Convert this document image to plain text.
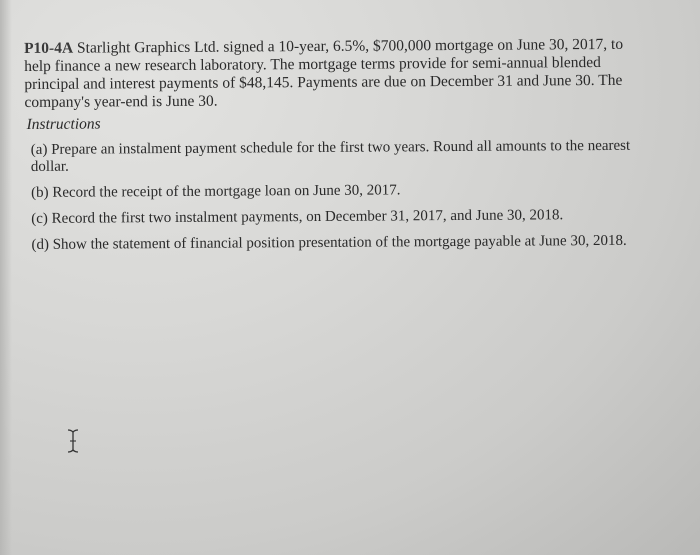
P10-4A Starlight Graphics Ltd. signed a 10-year, 6.5%, $700,000 mortgage on June 30, 2017, to help finance a new research laboratory. The mortgage terms provide for semi-annual blended principal and interest payments of $48,145. Payments are due on December 31 and June 30. The company's year-end is June 30.

Instructions

(a) Prepare an instalment payment schedule for the first two years. Round all amounts to the nearest dollar.

(b) Record the receipt of the mortgage loan on June 30, 2017.

(c) Record the first two instalment payments, on December 31, 2017, and June 30, 2018.

(d) Show the statement of financial position presentation of the mortgage payable at June 30, 2018.
